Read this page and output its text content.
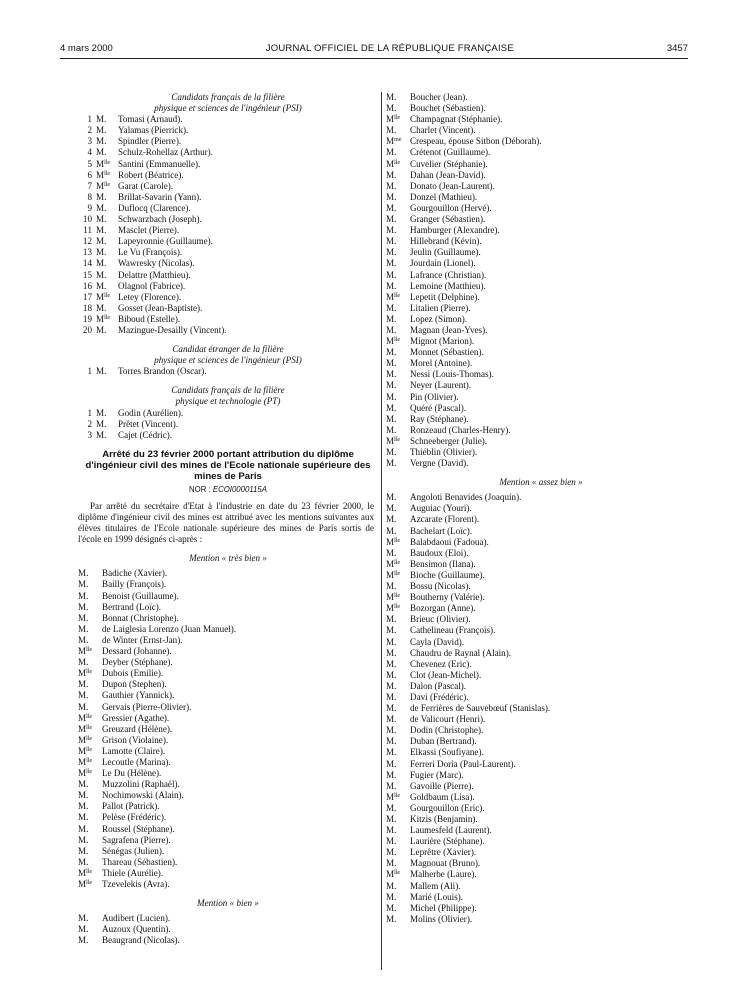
4 mars 2000	JOURNAL OFFICIEL DE LA RÉPUBLIQUE FRANÇAISE	3457

Candidats français de la filière
physique et sciences de l'ingénieur (PSI)

1 M.	Tomasi (Arnaud).
2 M.	Yalamas (Pierrick).
3 M.	Spindler (Pierre).
4 M.	Schulz-Rohellaz (Arthur).
5 $M^{lle}$ Santini (Emmanuelle).
6 $M^{lle}$ Robert (Béatrice).
7 $M^{lle}$ Garat (Carole).
8 M.	Brillat-Savarin (Yann).
9 M.	Duflocq (Clarence).
10 M.	Schwarzbach (Joseph).
11 M.	Masclet (Pierre).
12 M.	Lapeyronnie (Guillaume).
13 M.	Le Vu (François).
14 M.	Wawresky (Nicolas).
15 M.	Delattre (Matthieu).
16 M.	Olagnol (Fabrice).
17 $M^{lle}$ Letey (Florence).
18 M.	Gosset (Jean-Baptiste).
19 $M^{lle}$ Biboud (Estelle).
20 M.	Mazingue-Desailly (Vincent).

Candidat étranger de la filière
physique et sciences de l'ingénieur (PSI)

1 M.	Torres Brandon (Oscar).

Candidats français de la filière
physique et technologie (PT)

1 M.	Godin (Aurélien).
2 M.	Prêtet (Vincent).
3 M.	Cajet (Cédric).
Arrêté du 23 février 2000 portant attribution du diplôme d'ingénieur civil des mines de l'Ecole nationale supérieure des mines de Paris
NOR : ECOI0000115A
Par arrêté du secrétaire d'Etat à l'industrie en date du 23 février 2000, le diplôme d'ingénieur civil des mines est attribué avec les mentions suivantes aux élèves titulaires de l'Ecole nationale supérieure des mines de Paris sortis de l'école en 1999 désignés ci-après :

Mention « très bien »

M.	Badiche (Xavier).
M.	Bailly (François).
M.	Benoist (Guillaume).
M.	Bertrand (Loïc).
M.	Bonnat (Christophe).
M.	de Laiglesia Lorenzo (Juan Manuel).
M.	de Winter (Ernst-Jan).
$M^{lle}$	Dessard (Johanne).
M.	Deyber (Stéphane).
$M^{lle}$	Dubois (Emilie).
M.	Dupon (Stephen).
M.	Gauthier (Yannick).
M.	Gervais (Pierre-Olivier).
$M^{lle}$	Gressier (Agathe).
$M^{lle}$	Greuzard (Hélène).
$M^{lle}$	Grison (Violaine).
$M^{lle}$	Lamotte (Claire).
$M^{lle}$	Lecoutle (Marina).
$M^{lle}$	Le Du (Hélène).
M.	Muzzolini (Raphaël).
M.	Nochimowski (Alain).
M.	Pallot (Patrick).
M.	Pelèse (Frédéric).
M.	Roussel (Stéphane).
M.	Sagrafena (Pierre).
M.	Sénégas (Julien).
M.	Thareau (Sébastien).
$M^{lle}$	Thiele (Aurélie).
$M^{lle}$	Tzevelekis (Avra).

Mention « bien »

M.	Audibert (Lucien).
M.	Auzoux (Quentin).
M.	Beaugrand (Nicolas).
M.	Boucher (Jean).
M.	Bouchet (Sébastien).
$M^{lle}$	Champagnat (Stéphanie).
M.	Charlet (Vincent).
$M^{me}$ Crespeau, épouse Sitbon (Déborah).
M.	Crétenot (Guillaume).
$M^{lle}$	Cuvelier (Stéphanie).
M.	Dahan (Jean-David).
M.	Donato (Jean-Laurent).
M.	Donzel (Mathieu).
M.	Gourgouillon (Hervé).
M.	Granger (Sébastien).
M.	Hamburger (Alexandre).
M.	Hillebrand (Kévin).
M.	Jeulin (Guillaume).
M.	Jourdain (Lionel).
M.	Lafrance (Christian).
M.	Lemoine (Matthieu).
$M^{lle}$	Lepetit (Delphine).
M.	Litalien (Pierre).
M.	Lopez (Simon).
M.	Magnan (Jean-Yves).
$M^{lle}$	Mignot (Marion).
M.	Monnet (Sébastien).
M.	Morel (Antoine).
M.	Nessi (Louis-Thomas).
M.	Neyer (Laurent).
M.	Pin (Olivier).
M.	Quéré (Pascal).
M.	Ray (Stéphane).
M.	Ronzeaud (Charles-Henry).
$M^{lle}$	Schneeberger (Julie).
M.	Thiéblin (Olivier).
M.	Vergne (David).

Mention « assez bien »

M.	Angoloti Benavides (Joaquín).
M.	Auguiac (Youri).
M.	Azcarate (Florent).
M.	Bachelart (Loïc).
$M^{lle}$	Balabdaoui (Fadoua).
M.	Baudoux (Eloi).
$M^{lle}$	Bensimon (Ilana).
$M^{lle}$	Bioche (Guillaume).
M.	Bossu (Nicolas).
$M^{lle}$	Boutherny (Valérie).
$M^{lle}$	Bozorgan (Anne).
M.	Brieuc (Olivier).
M.	Cathelineau (François).
M.	Cayla (David).
M.	Chaudru de Raynal (Alain).
M.	Chevenez (Eric).
M.	Clot (Jean-Michel).
M.	Dalon (Pascal).
M.	Davi (Frédéric).
M.	de Ferrières de Sauvebœuf (Stanislas).
M.	de Valicourt (Henri).
M.	Dodin (Christophe).
M.	Duban (Bertrand).
M.	Elkassi (Soufiyane).
M.	Ferreri Doria (Paul-Laurent).
M.	Fugier (Marc).
M.	Gavoille (Pierre).
$M^{lle}$	Goldbaum (Lisa).
M.	Gourgouillon (Eric).
M.	Kitzis (Benjamin).
M.	Laumesfeld (Laurent).
M.	Laurière (Stéphane).
M.	Leprêtre (Xavier).
M.	Magnouat (Bruno).
$M^{lle}$	Malherbe (Laure).
M.	Mallem (Ali).
M.	Marié (Louis).
M.	Michel (Philippe).
M.	Molins (Olivier).
